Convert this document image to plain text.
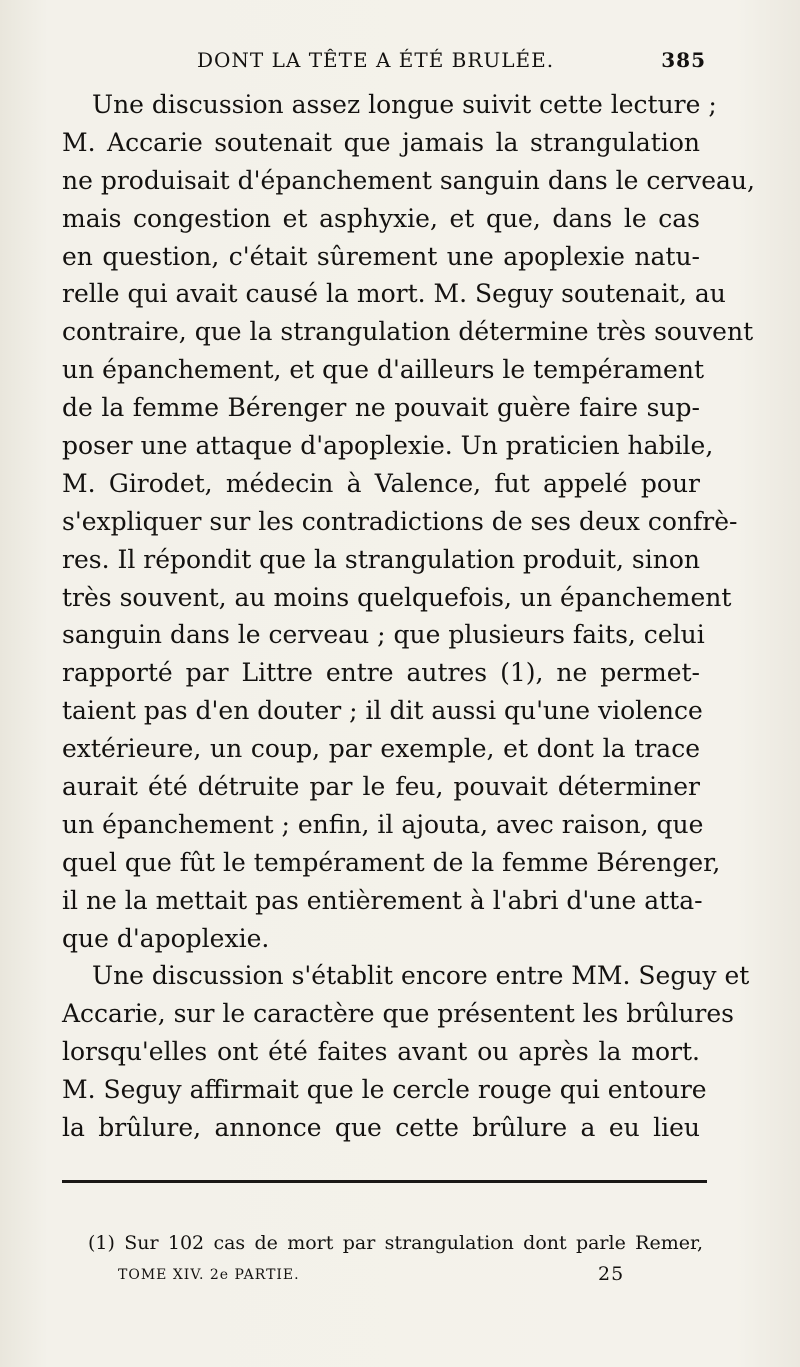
DONT LA TÊTE A ÉTÉ BRULÉE.	385
Une discussion assez longue suivit cette lecture ;
M. Accarie soutenait que jamais la strangulation
ne produisait d'épanchement sanguin dans le cerveau,
mais congestion et asphyxie, et que, dans le cas
en question, c'était sûrement une apoplexie natu-
relle qui avait causé la mort. M. Seguy soutenait, au
contraire, que la strangulation détermine très souvent
un épanchement, et que d'ailleurs le tempérament
de la femme Bérenger ne pouvait guère faire sup-
poser une attaque d'apoplexie. Un praticien habile,
M. Girodet, médecin à Valence, fut appelé pour
s'expliquer sur les contradictions de ses deux confrè-
res. Il répondit que la strangulation produit, sinon
très souvent, au moins quelquefois, un épanchement
sanguin dans le cerveau ; que plusieurs faits, celui
rapporté par Littre entre autres (1), ne permet-
taient pas d'en douter ; il dit aussi qu'une violence
extérieure, un coup, par exemple, et dont la trace
aurait été détruite par le feu, pouvait déterminer
un épanchement ; enfin, il ajouta, avec raison, que
quel que fût le tempérament de la femme Bérenger,
il ne la mettait pas entièrement à l'abri d'une atta-
que d'apoplexie.
Une discussion s'établit encore entre MM. Seguy et
Accarie, sur le caractère que présentent les brûlures
lorsqu'elles ont été faites avant ou après la mort.
M. Seguy affirmait que le cercle rouge qui entoure
la brûlure, annonce que cette brûlure a eu lieu
(1) Sur 102 cas de mort par strangulation dont parle Remer,
TOME XIV. 2e PARTIE.	25
